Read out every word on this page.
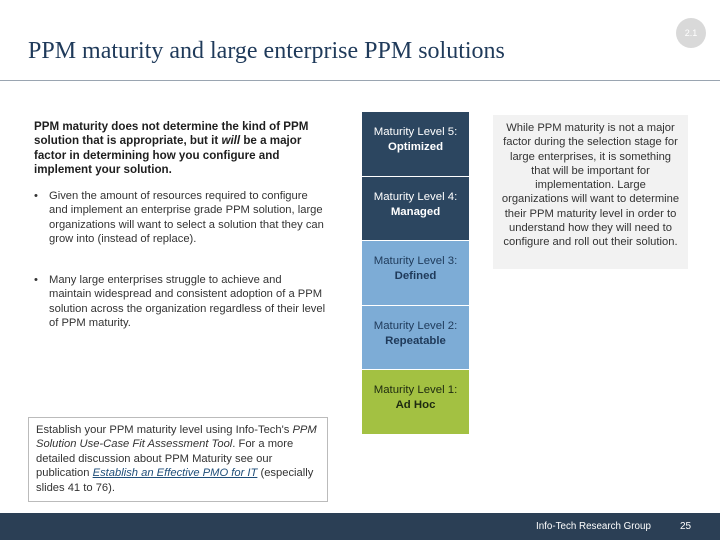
2.1
PPM maturity and large enterprise PPM solutions
PPM maturity does not determine the kind of PPM solution that is appropriate, but it will be a major factor in determining how you configure and implement your solution.
• Given the amount of resources required to configure and implement an enterprise grade PPM solution, large organizations will want to select a solution that they can grow into (instead of replace).
• Many large enterprises struggle to achieve and maintain widespread and consistent adoption of a PPM solution across the organization regardless of their level of PPM maturity.
Maturity Level 5:
Optimized
Maturity Level 4:
Managed
Maturity Level 3:
Defined
Maturity Level 2:
Repeatable
Maturity Level 1:
Ad Hoc
While PPM maturity is not a major factor during the selection stage for large enterprises, it is something that will be important for implementation. Large organizations will want to determine their PPM maturity level in order to understand how they will need to configure and roll out their solution.
Establish your PPM maturity level using Info-Tech's PPM Solution Use-Case Fit Assessment Tool. For a more detailed discussion about PPM Maturity see our publication Establish an Effective PMO for IT (especially slides 41 to 76).
Info-Tech Research Group	25
